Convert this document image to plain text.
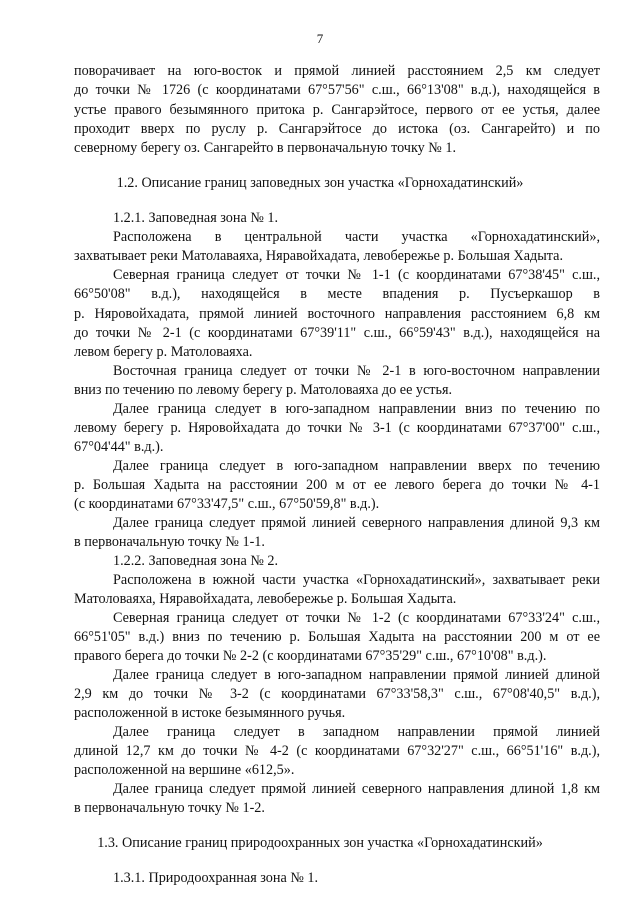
7
поворачивает на юго-восток и прямой линией расстоянием 2,5 км следует
до точки № 1726 (с координатами 67°57'56" с.ш., 66°13'08" в.д.), находящейся в
устье правого безымянного притока р. Сангарэйтосе, первого от ее устья, далее
проходит вверх по руслу р. Сангарэйтосе до истока (оз. Сангарейто) и по
северному берегу оз. Сангарейто в первоначальную точку № 1.
1.2. Описание границ заповедных зон участка «Горнохадатинский»
1.2.1. Заповедная зона № 1.
Расположена в центральной части участка «Горнохадатинский»,
захватывает реки Матолаваяха, Няравойхадата, левобережье р. Большая Хадыта.
Северная граница следует от точки № 1-1 (с координатами 67°38'45" с.ш.,
66°50'08" в.д.), находящейся в месте впадения р. Пусъеркашор в
р. Няровойхадата, прямой линией восточного направления расстоянием 6,8 км
до точки № 2-1 (с координатами 67°39'11" с.ш., 66°59'43" в.д.), находящейся на
левом берегу р. Матоловаяха.
Восточная граница следует от точки № 2-1 в юго-восточном направлении
вниз по течению по левому берегу р. Матоловаяха до ее устья.
Далее граница следует в юго-западном направлении вниз по течению по
левому берегу р. Няровойхадата до точки № 3-1 (с координатами 67°37'00" с.ш.,
67°04'44" в.д.).
Далее граница следует в юго-западном направлении вверх по течению
р. Большая Хадыта на расстоянии 200 м от ее левого берега до точки № 4-1
(с координатами 67°33'47,5" с.ш., 67°50'59,8" в.д.).
Далее граница следует прямой линией северного направления длиной 9,3 км
в первоначальную точку № 1-1.
1.2.2. Заповедная зона № 2.
Расположена в южной части участка «Горнохадатинский», захватывает реки
Матоловаяха, Няравойхадата, левобережье р. Большая Хадыта.
Северная граница следует от точки № 1-2 (с координатами 67°33'24" с.ш.,
66°51'05" в.д.) вниз по течению р. Большая Хадыта на расстоянии 200 м от ее
правого берега до точки № 2-2 (с координатами 67°35'29" с.ш., 67°10'08" в.д.).
Далее граница следует в юго-западном направлении прямой линией длиной
2,9 км до точки № 3-2 (с координатами 67°33'58,3" с.ш., 67°08'40,5" в.д.),
расположенной в истоке безымянного ручья.
Далее граница следует в западном направлении прямой линией
длиной 12,7 км до точки № 4-2 (с координатами 67°32'27" с.ш., 66°51'16" в.д.),
расположенной на вершине «612,5».
Далее граница следует прямой линией северного направления длиной 1,8 км
в первоначальную точку № 1-2.
1.3. Описание границ природоохранных зон участка «Горнохадатинский»
1.3.1. Природоохранная зона № 1.
